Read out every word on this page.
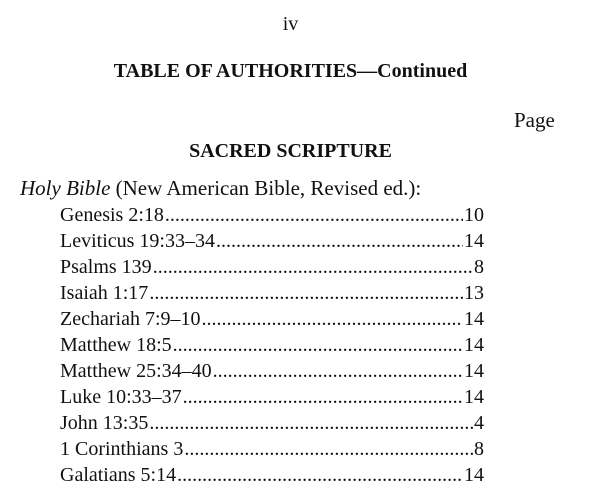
iv
TABLE OF AUTHORITIES—Continued
Page
SACRED SCRIPTURE
Holy Bible (New American Bible, Revised ed.):
Genesis 2:18 .....	10
Leviticus 19:33–34 .....	14
Psalms 139 .....	8
Isaiah 1:17 .....	13
Zechariah 7:9–10 .....	14
Matthew 18:5 .....	14
Matthew 25:34–40 .....	14
Luke 10:33–37 .....	14
John 13:35 .....	4
1 Corinthians 3 .....	8
Galatians 5:14 .....	14
